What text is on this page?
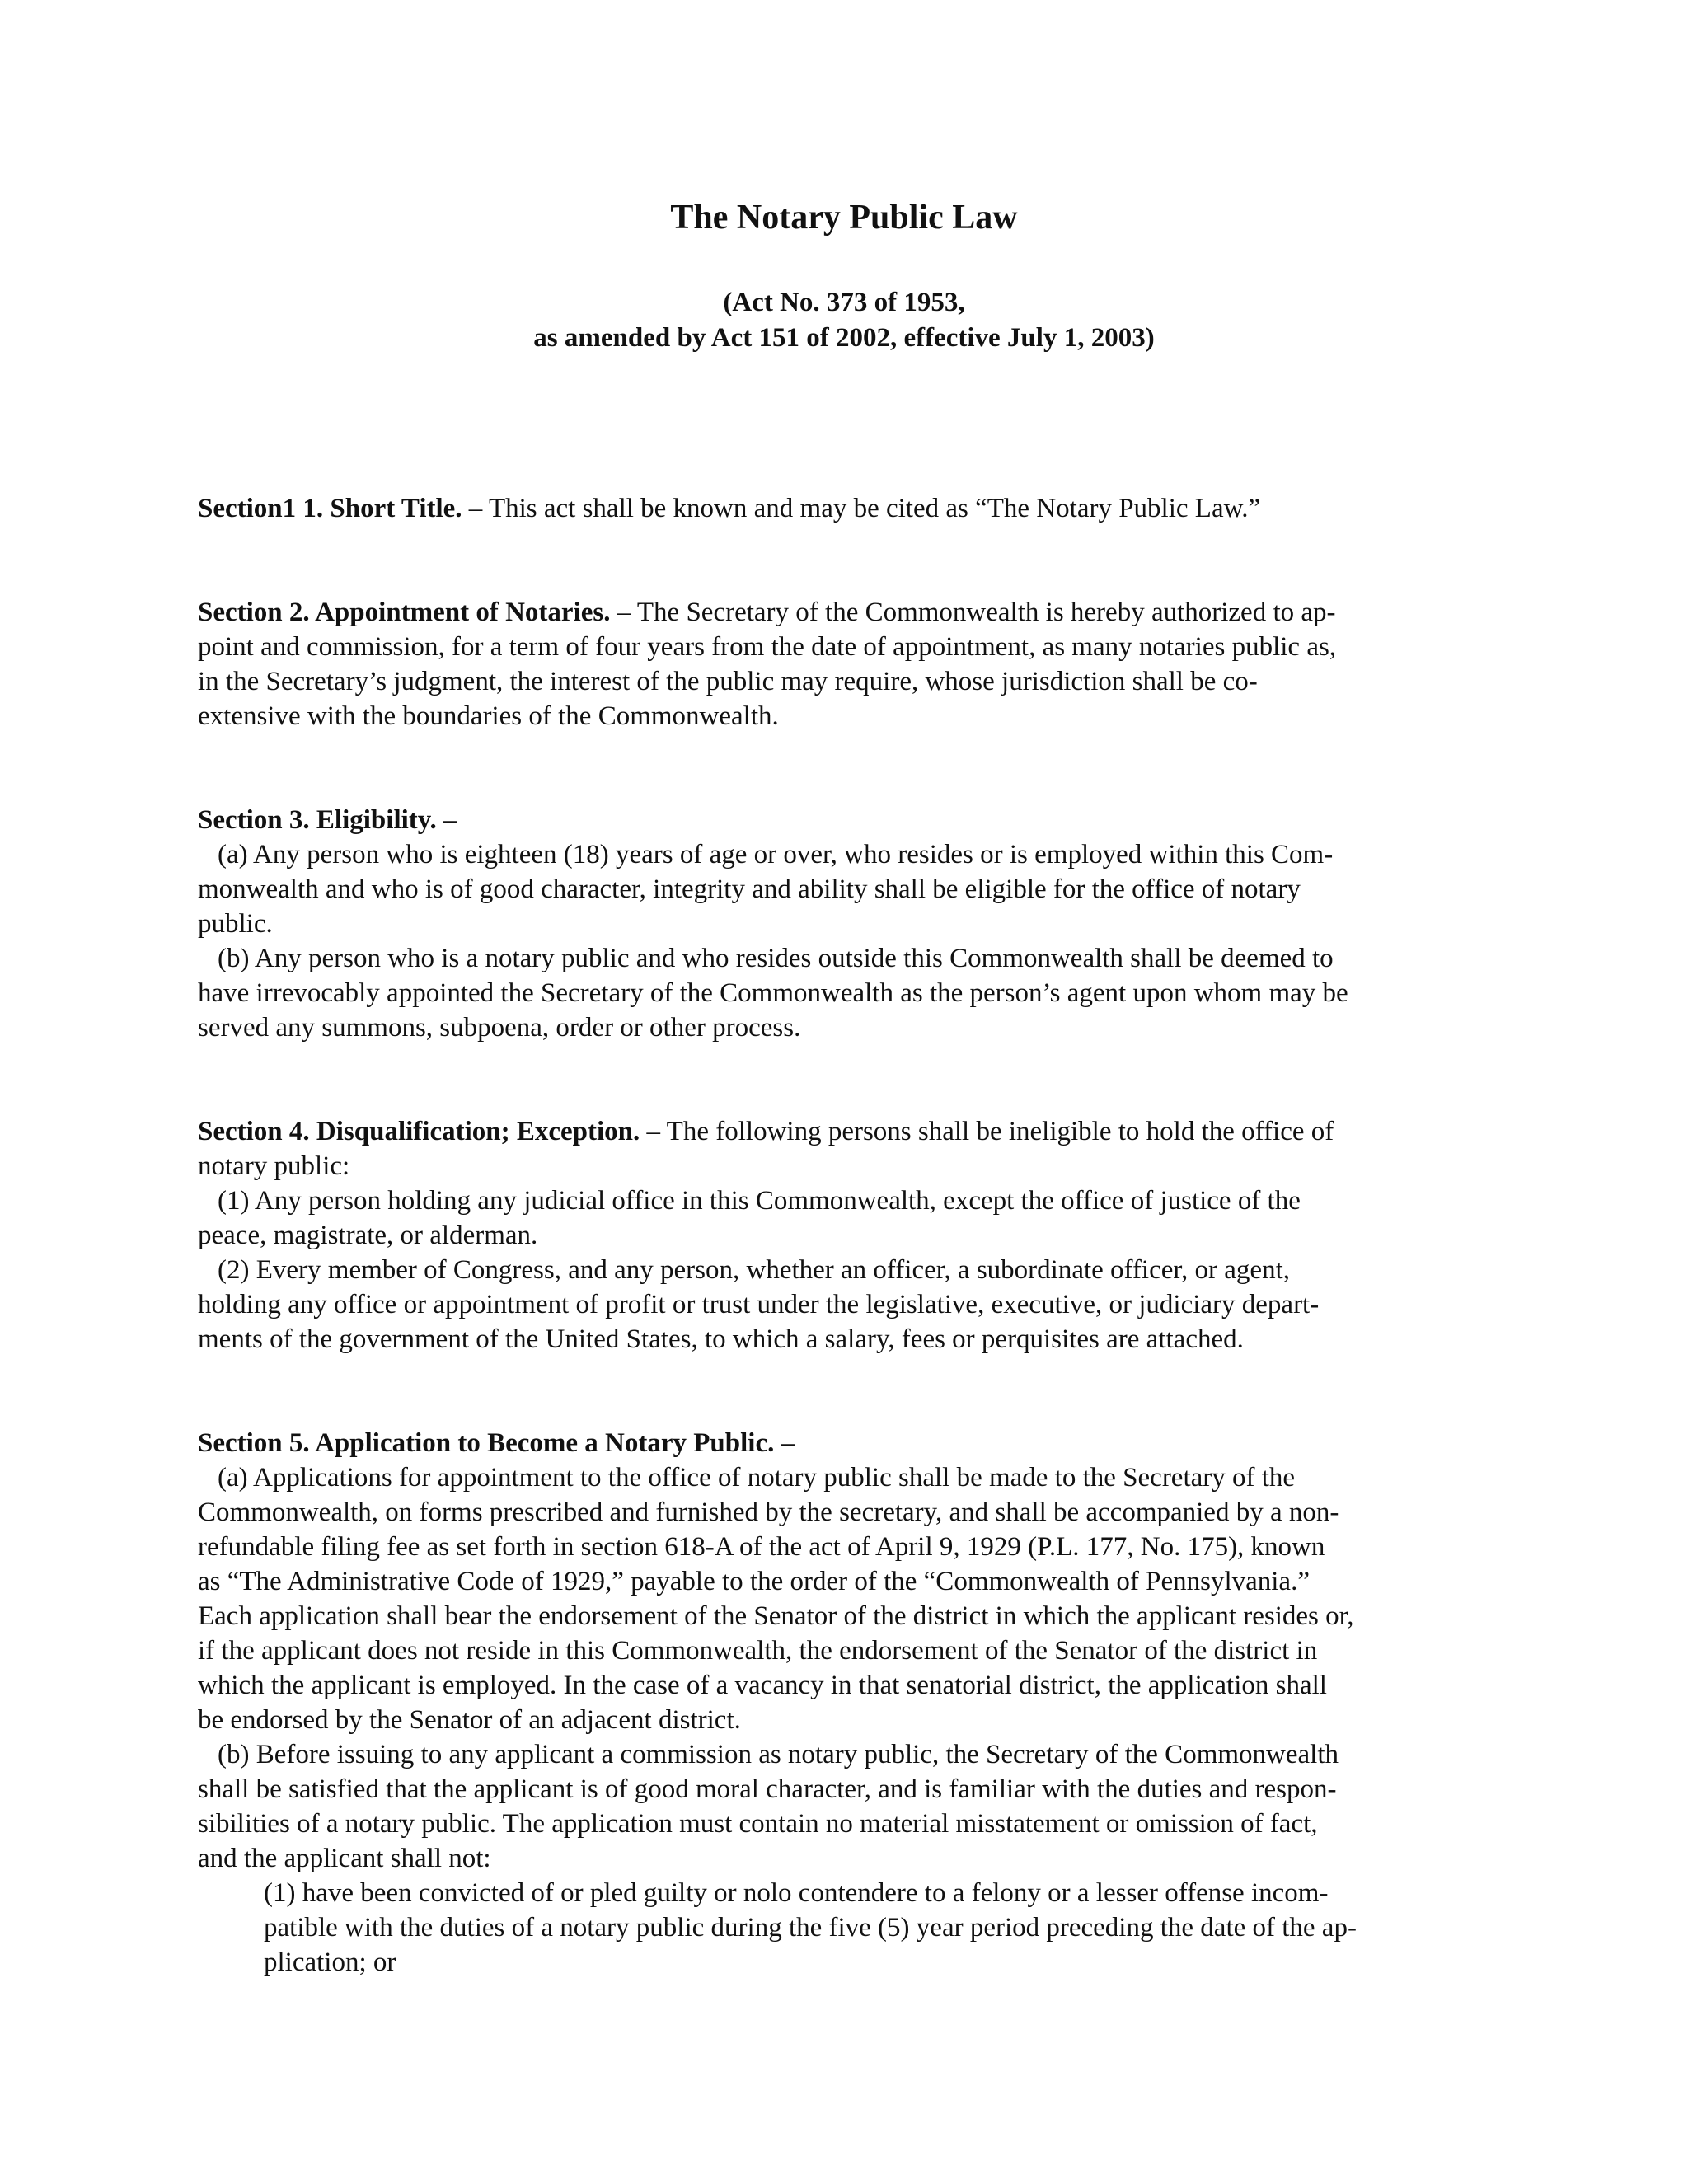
The Notary Public Law
(Act No. 373 of 1953,
as amended by Act 151 of 2002, effective July 1, 2003)
Section1 1. Short Title. – This act shall be known and may be cited as “The Notary Public Law.”
Section 2. Appointment of Notaries. – The Secretary of the Commonwealth is hereby authorized to ap-
point and commission, for a term of four years from the date of appointment, as many notaries public as,
in the Secretary’s judgment, the interest of the public may require, whose jurisdiction shall be co-
extensive with the boundaries of the Commonwealth.
Section 3. Eligibility. –
(a) Any person who is eighteen (18) years of age or over, who resides or is employed within this Com-
monwealth and who is of good character, integrity and ability shall be eligible for the office of notary
public.
(b) Any person who is a notary public and who resides outside this Commonwealth shall be deemed to
have irrevocably appointed the Secretary of the Commonwealth as the person’s agent upon whom may be
served any summons, subpoena, order or other process.
Section 4. Disqualification; Exception. – The following persons shall be ineligible to hold the office of
notary public:
(1) Any person holding any judicial office in this Commonwealth, except the office of justice of the
peace, magistrate, or alderman.
(2) Every member of Congress, and any person, whether an officer, a subordinate officer, or agent,
holding any office or appointment of profit or trust under the legislative, executive, or judiciary depart-
ments of the government of the United States, to which a salary, fees or perquisites are attached.
Section 5. Application to Become a Notary Public. –
(a) Applications for appointment to the office of notary public shall be made to the Secretary of the
Commonwealth, on forms prescribed and furnished by the secretary, and shall be accompanied by a non-
refundable filing fee as set forth in section 618-A of the act of April 9, 1929 (P.L. 177, No. 175), known
as “The Administrative Code of 1929,” payable to the order of the “Commonwealth of Pennsylvania.”
Each application shall bear the endorsement of the Senator of the district in which the applicant resides or,
if the applicant does not reside in this Commonwealth, the endorsement of the Senator of the district in
which the applicant is employed. In the case of a vacancy in that senatorial district, the application shall
be endorsed by the Senator of an adjacent district.
(b) Before issuing to any applicant a commission as notary public, the Secretary of the Commonwealth
shall be satisfied that the applicant is of good moral character, and is familiar with the duties and respon-
sibilities of a notary public. The application must contain no material misstatement or omission of fact,
and the applicant shall not:
(1) have been convicted of or pled guilty or nolo contendere to a felony or a lesser offense incom-
patible with the duties of a notary public during the five (5) year period preceding the date of the ap-
plication; or
